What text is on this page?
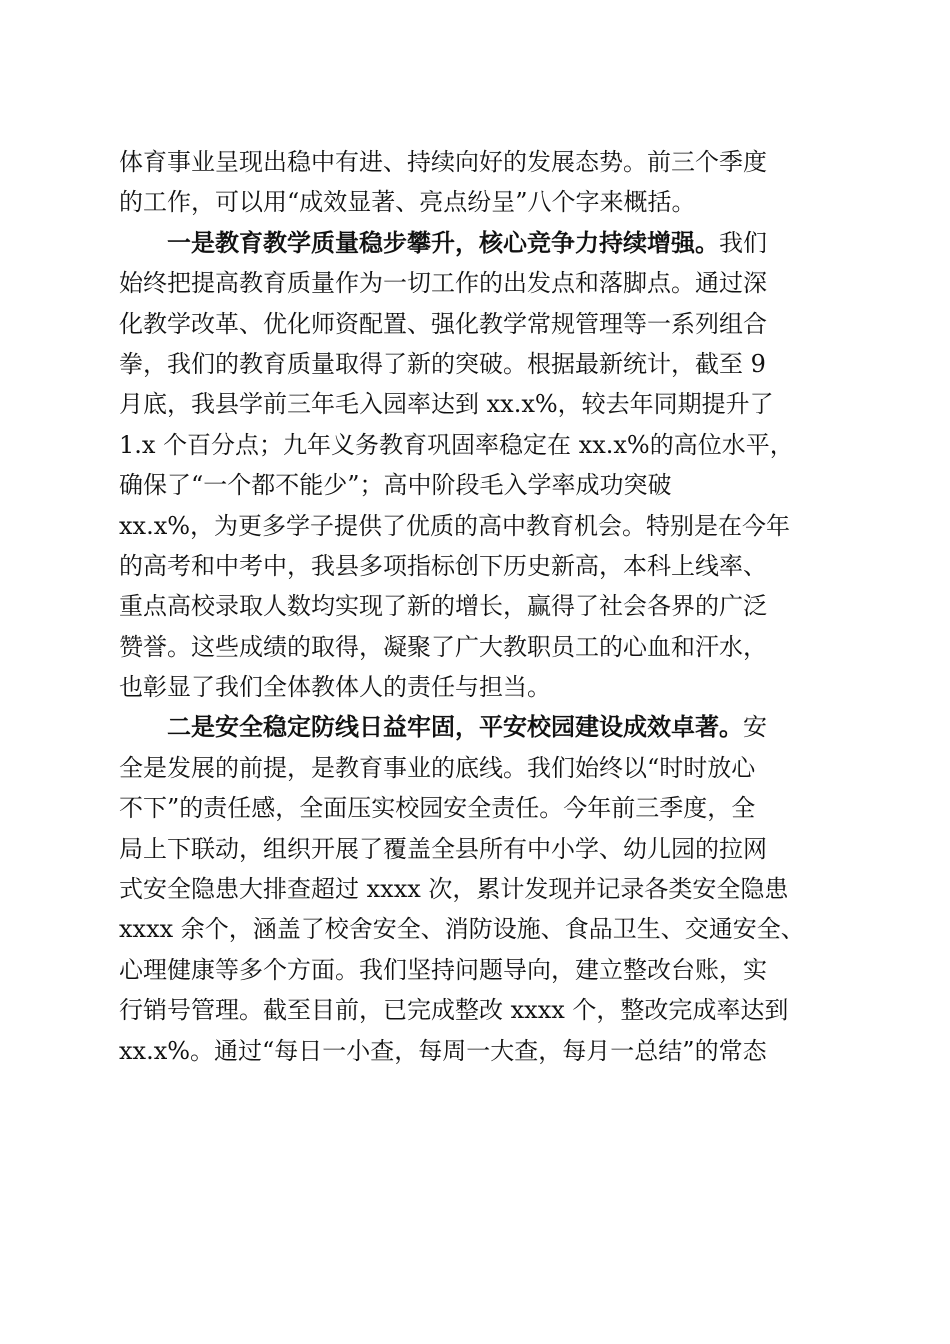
体育事业呈现出稳中有进、持续向好的发展态势。前三个季度
的工作，可以用“成效显著、亮点纷呈”八个字来概括。
一是教育教学质量稳步攀升，核心竞争力持续增强。我们
始终把提高教育质量作为一切工作的出发点和落脚点。通过深
化教学改革、优化师资配置、强化教学常规管理等一系列组合
拳，我们的教育质量取得了新的突破。根据最新统计，截至 9
月底，我县学前三年毛入园率达到 xx.x%，较去年同期提升了
1.x 个百分点；九年义务教育巩固率稳定在 xx.x%的高位水平，
确保了“一个都不能少”；高中阶段毛入学率成功突破
xx.x%，为更多学子提供了优质的高中教育机会。特别是在今年
的高考和中考中，我县多项指标创下历史新高，本科上线率、
重点高校录取人数均实现了新的增长，赢得了社会各界的广泛
赞誉。这些成绩的取得，凝聚了广大教职员工的心血和汗水，
也彰显了我们全体教体人的责任与担当。
二是安全稳定防线日益牢固，平安校园建设成效卓著。安
全是发展的前提，是教育事业的底线。我们始终以“时时放心
不下”的责任感，全面压实校园安全责任。今年前三季度，全
局上下联动，组织开展了覆盖全县所有中小学、幼儿园的拉网
式安全隐患大排查超过 xxxx 次，累计发现并记录各类安全隐患
xxxx 余个，涵盖了校舍安全、消防设施、食品卫生、交通安全、
心理健康等多个方面。我们坚持问题导向，建立整改台账，实
行销号管理。截至目前，已完成整改 xxxx 个，整改完成率达到
xx.x%。通过“每日一小查，每周一大查，每月一总结”的常态
